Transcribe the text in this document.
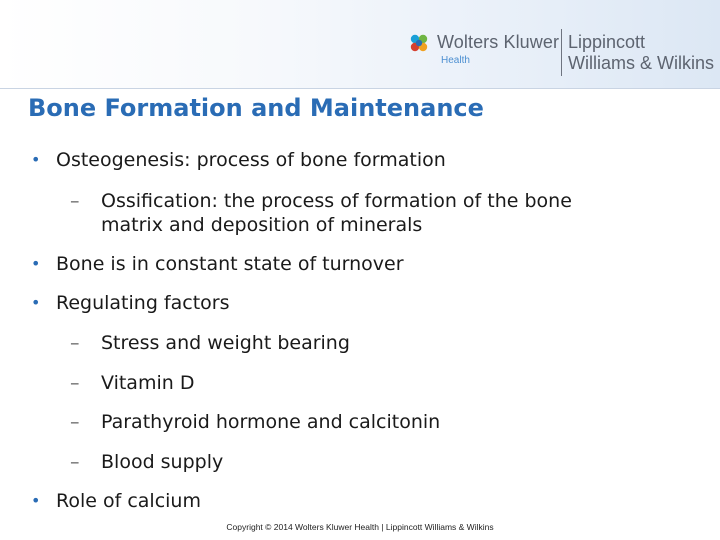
Wolters Kluwer
Health
Lippincott
Williams & Wilkins
Bone Formation and Maintenance
• Osteogenesis: process of bone formation
– Ossification: the process of formation of the bone
matrix and deposition of minerals
• Bone is in constant state of turnover
• Regulating factors
– Stress and weight bearing
– Vitamin D
– Parathyroid hormone and calcitonin
– Blood supply
• Role of calcium
Copyright © 2014 Wolters Kluwer Health | Lippincott Williams & Wilkins
